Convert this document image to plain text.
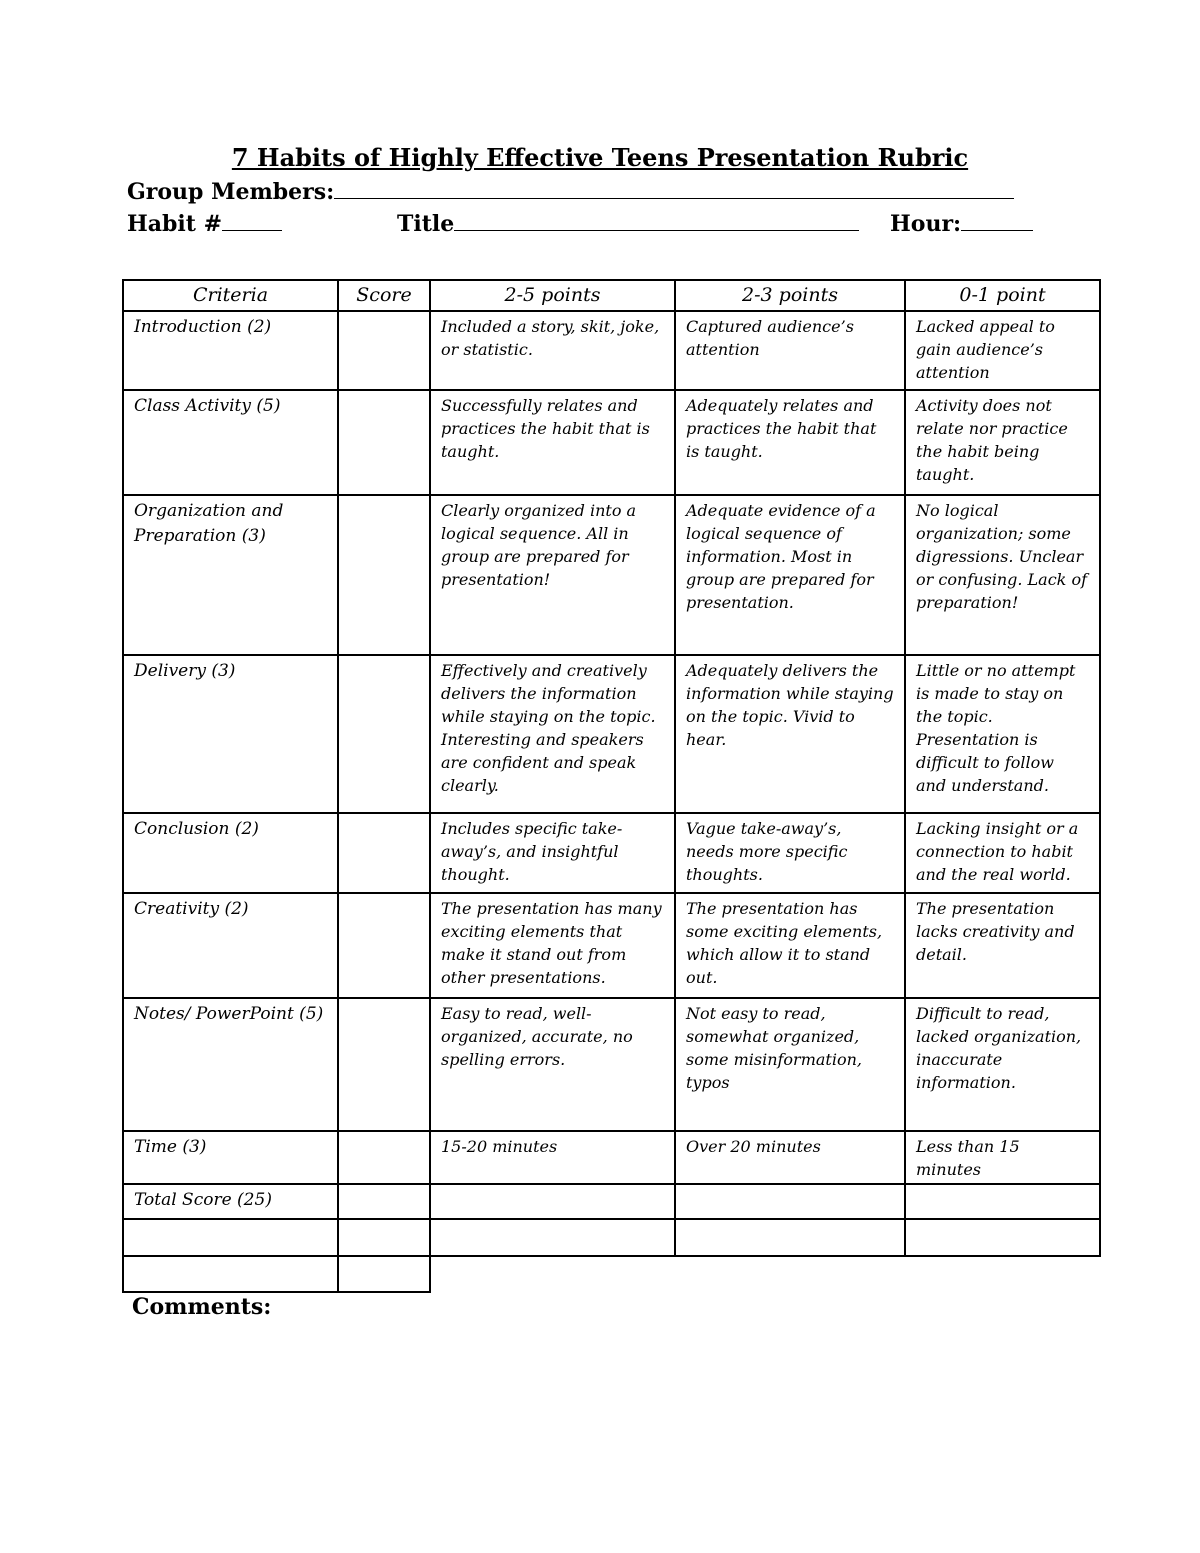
7 Habits of Highly Effective Teens Presentation Rubric
Group Members:
Habit #	Title	Hour:
Criteria	Score	2-5 points	2-3 points	0-1 point
Introduction (2)		Included a story, skit, joke, or statistic.	Captured audience’s attention	Lacked appeal to gain audience’s attention
Class Activity (5)		Successfully relates and practices the habit that is taught.	Adequately relates and practices the habit that is taught.	Activity does not relate nor practice the habit being taught.
Organization and Preparation (3)		Clearly organized into a logical sequence. All in group are prepared for presentation!	Adequate evidence of a logical sequence of information. Most in group are prepared for presentation.	No logical organization; some digressions. Unclear or confusing. Lack of preparation!
Delivery (3)		Effectively and creatively delivers the information while staying on the topic. Interesting and speakers are confident and speak clearly.	Adequately delivers the information while staying on the topic. Vivid to hear.	Little or no attempt is made to stay on the topic. Presentation is difficult to follow and understand.
Conclusion (2)		Includes specific take-away’s, and insightful thought.	Vague take-away’s, needs more specific thoughts.	Lacking insight or a connection to habit and the real world.
Creativity (2)		The presentation has many exciting elements that make it stand out from other presentations.	The presentation has some exciting elements, which allow it to stand out.	The presentation lacks creativity and detail.
Notes/ PowerPoint (5)		Easy to read, well-organized, accurate, no spelling errors.	Not easy to read, somewhat organized, some misinformation, typos	Difficult to read, lacked organization, inaccurate information.
Time (3)		15-20 minutes	Over 20 minutes	Less than 15 minutes
Total Score (25)				

Comments:
